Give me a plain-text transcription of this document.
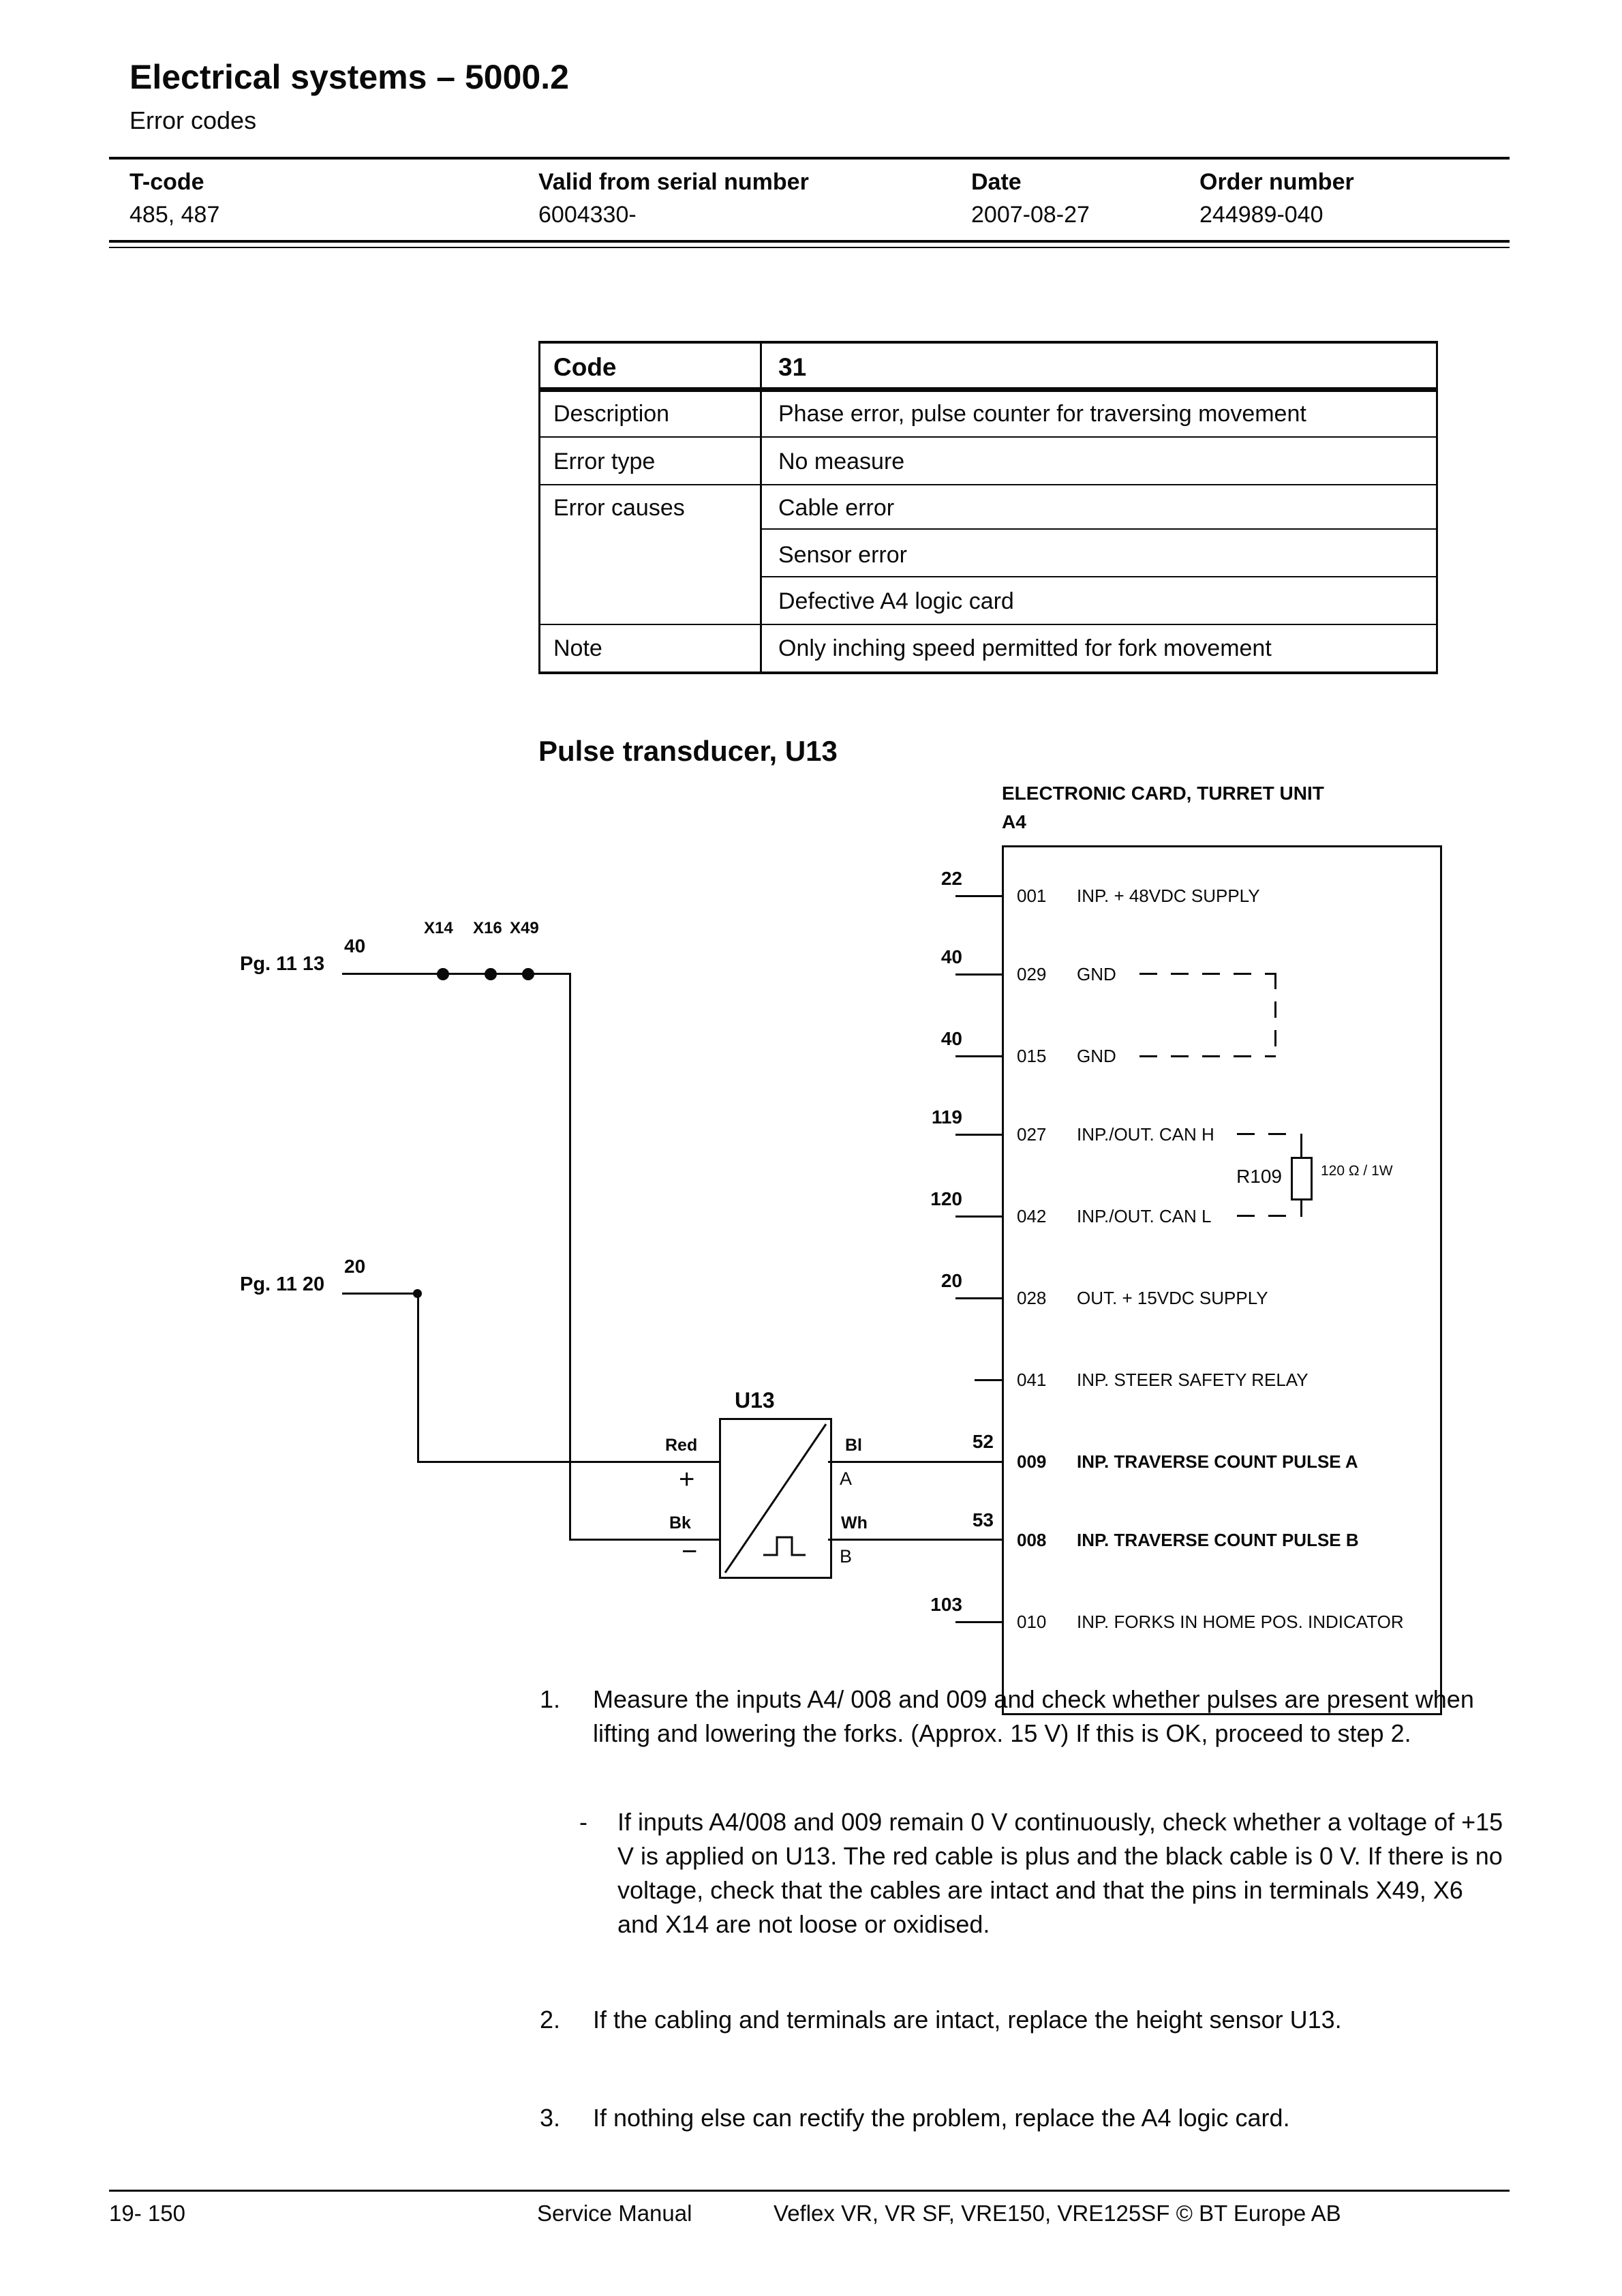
Electrical systems – 5000.2
Error codes
T-code	Valid from serial number	Date	Order number
485, 487	6004330-	2007-08-27	244989-040
Code	31
Description	Phase error, pulse counter for traversing movement
Error type	No measure
Error causes	Cable error
Sensor error
Defective A4 logic card
Note	Only inching speed permitted for fork movement
Pulse transducer, U13
ELECTRONIC CARD, TURRET UNIT
A4
Pg. 11 13
40
X14 X16 X49
Pg. 11 20
20
U13
Red
+
Bk
−
Bl
A
Wh
B
22
40
40
119
120
20
52
53
103
001 INP. + 48VDC SUPPLY
029 GND
015 GND
027 INP./OUT. CAN H
042 INP./OUT. CAN L
028 OUT. + 15VDC SUPPLY
041 INP. STEER SAFETY RELAY
009 INP. TRAVERSE COUNT PULSE A
008 INP. TRAVERSE COUNT PULSE B
010 INP. FORKS IN HOME POS. INDICATOR
R109	120 Ω / 1W
1.	Measure the inputs A4/ 008 and 009 and check whether pulses are present when lifting and lowering the forks. (Approx. 15 V) If this is OK, proceed to step 2.
-	If inputs A4/008 and 009 remain 0 V continuously, check whether a voltage of +15 V is applied on U13. The red cable is plus and the black cable is 0 V. If there is no voltage, check that the cables are intact and that the pins in terminals X49, X6 and X14 are not loose or oxidised.
2.	If the cabling and terminals are intact, replace the height sensor U13.
3.	If nothing else can rectify the problem, replace the A4 logic card.
19- 150	Service Manual	Veflex VR, VR SF, VRE150, VRE125SF © BT Europe AB
